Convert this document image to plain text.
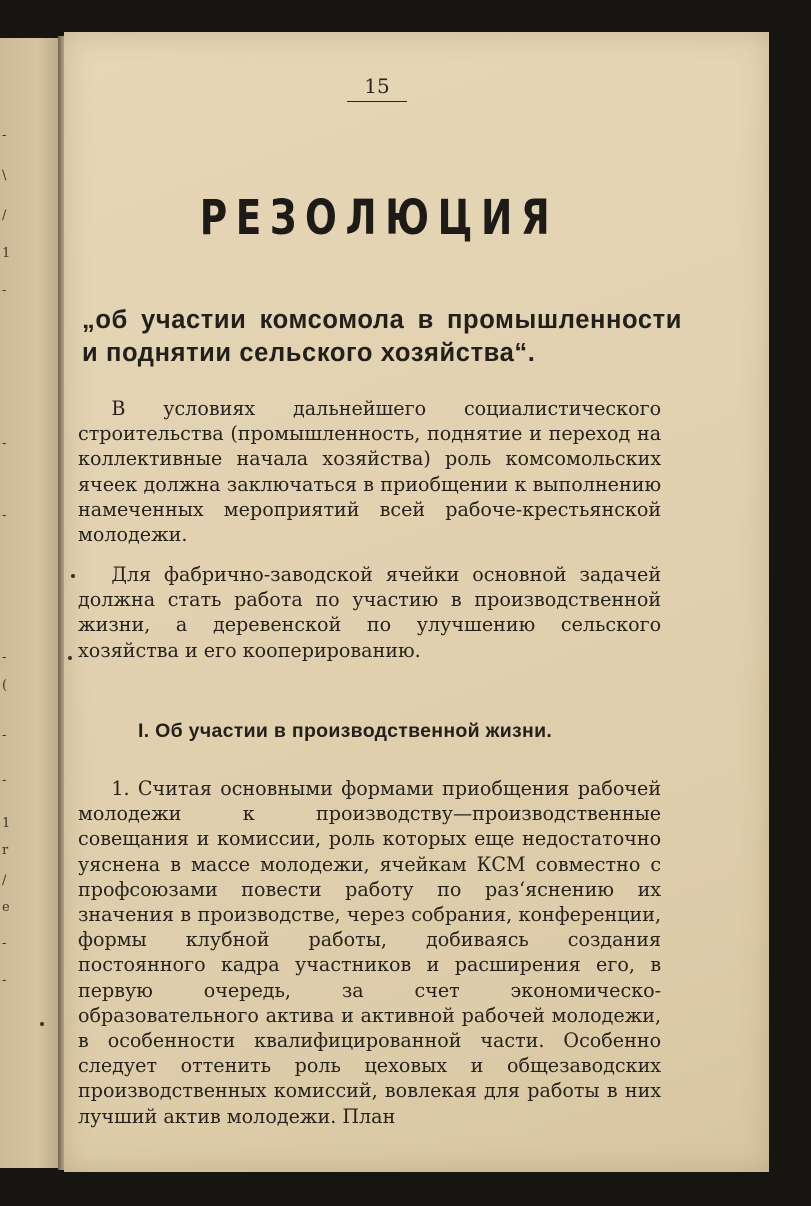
-
\
/
1
-
-
-
-
(
-
-
1
r
/
e
-
-
15
РЕЗОЛЮЦИЯ
„об участии комсомола в промышленности и поднятии сельского хозяйства“.
В условиях дальнейшего социалистического строительства (промышленность, поднятие и переход на коллективные начала хозяйства) роль комсомольских ячеек должна заключаться в приобщении к выполнению намеченных мероприятий всей рабоче-крестьянской молодежи.
Для фабрично-заводской ячейки основной задачей должна стать работа по участию в производственной жизни, а деревенской по улучшению сельского хозяйства и его кооперированию.
I. Об участии в производственной жизни.
1. Считая основными формами приобщения рабочей молодежи к производству—производственные совещания и комиссии, роль которых еще недостаточно уяснена в массе молодежи, ячейкам КСМ совместно с профсоюзами повести работу по раз‘яснению их значения в производстве, через собрания, конференции, формы клубной работы, добиваясь создания постоянного кадра участников и расширения его, в первую очередь, за счет экономическо-образовательного актива и активной рабочей молодежи, в особенности квалифицированной части. Особенно следует оттенить роль цеховых и общезаводских производственных комиссий, вовлекая для работы в них лучший актив молодежи. План
